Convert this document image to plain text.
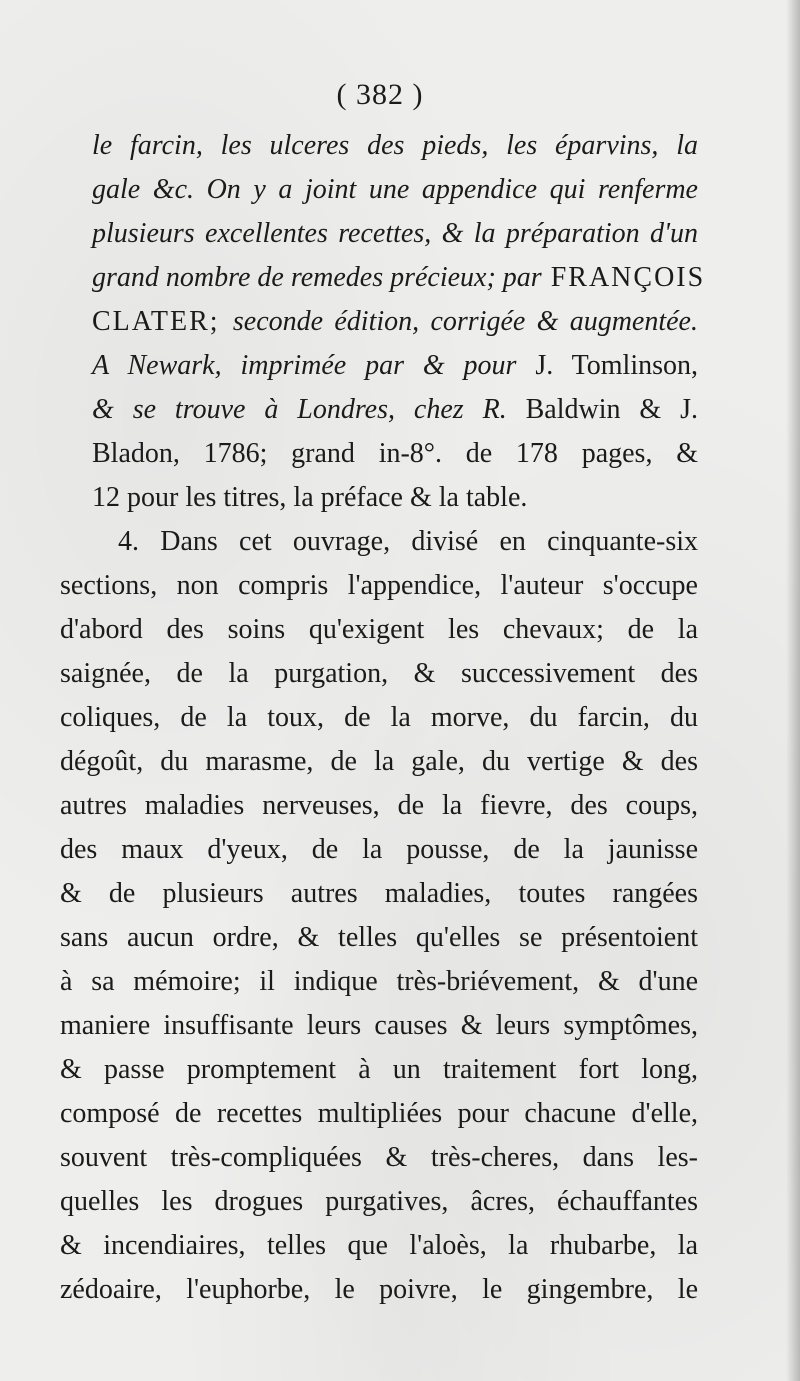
( 382 )
le farcin, les ulceres des pieds, les éparvins, la
gale &c. On y a joint une appendice qui renferme
plusieurs excellentes recettes, & la préparation d'un
grand nombre de remedes précieux; par FRANÇOIS
CLATER; seconde édition, corrigée & augmentée.
A Newark, imprimée par & pour J. Tomlinson,
& se trouve à Londres, chez R. Baldwin & J.
Bladon, 1786; grand in-8°. de 178 pages, &
12 pour les titres, la préface & la table.
4. Dans cet ouvrage, divisé en cinquante-six
sections, non compris l'appendice, l'auteur s'occupe
d'abord des soins qu'exigent les chevaux; de la
saignée, de la purgation, & successivement des
coliques, de la toux, de la morve, du farcin, du
dégoût, du marasme, de la gale, du vertige & des
autres maladies nerveuses, de la fievre, des coups,
des maux d'yeux, de la pousse, de la jaunisse
& de plusieurs autres maladies, toutes rangées
sans aucun ordre, & telles qu'elles se présentoient
à sa mémoire; il indique très-briévement, & d'une
maniere insuffisante leurs causes & leurs symptômes,
& passe promptement à un traitement fort long,
composé de recettes multipliées pour chacune d'elle,
souvent très-compliquées & très-cheres, dans les-
quelles les drogues purgatives, âcres, échauffantes
& incendiaires, telles que l'aloès, la rhubarbe, la
zédoaire, l'euphorbe, le poivre, le gingembre, le
